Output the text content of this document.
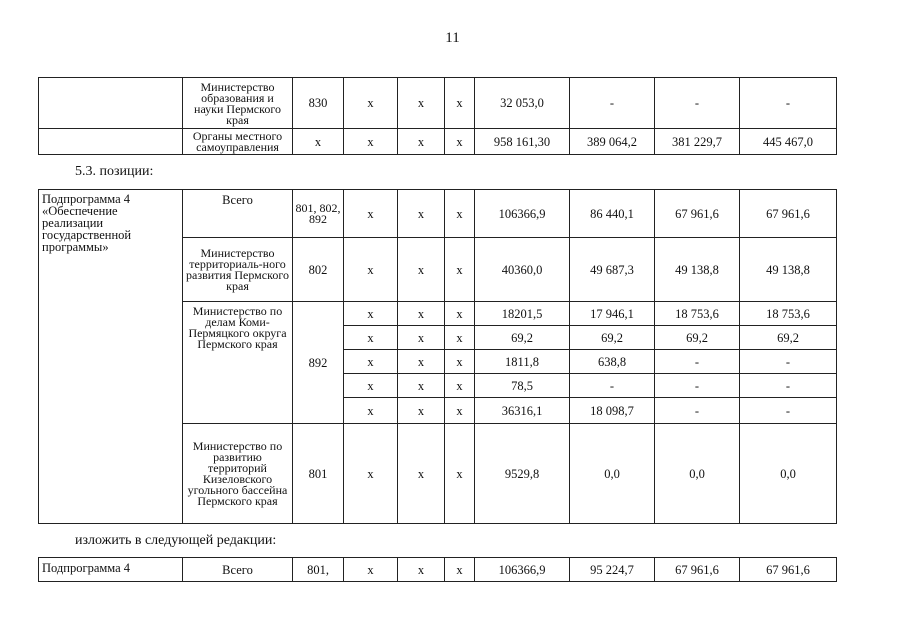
11
	Министерство образования и науки Пермского края	830	x	x	x	32 053,0	-	-	-
	Органы местного самоуправления	x	x	x	x	958 161,30	389 064,2	381 229,7	445 467,0
5.3. позиции:
Подпрограмма 4 «Обеспечение реализации государственной программы»	Всего	801, 802, 892	x	x	x	106366,9	86 440,1	67 961,6	67 961,6
	Министерство территориаль-ного развития Пермского края	802	x	x	x	40360,0	49 687,3	49 138,8	49 138,8
	Министерство по делам Коми-Пермяцкого округа Пермского края	892	x	x	x	18201,5	17 946,1	18 753,6	18 753,6
			x	x	x	69,2	69,2	69,2	69,2
			x	x	x	1811,8	638,8	-	-
			x	x	x	78,5	-	-	-
			x	x	x	36316,1	18 098,7	-	-
	Министерство по развитию территорий Кизеловского угольного бассейна Пермского края	801	x	x	x	9529,8	0,0	0,0	0,0
изложить в следующей редакции:
Подпрограмма 4	Всего	801,	x	x	x	106366,9	95 224,7	67 961,6	67 961,6
